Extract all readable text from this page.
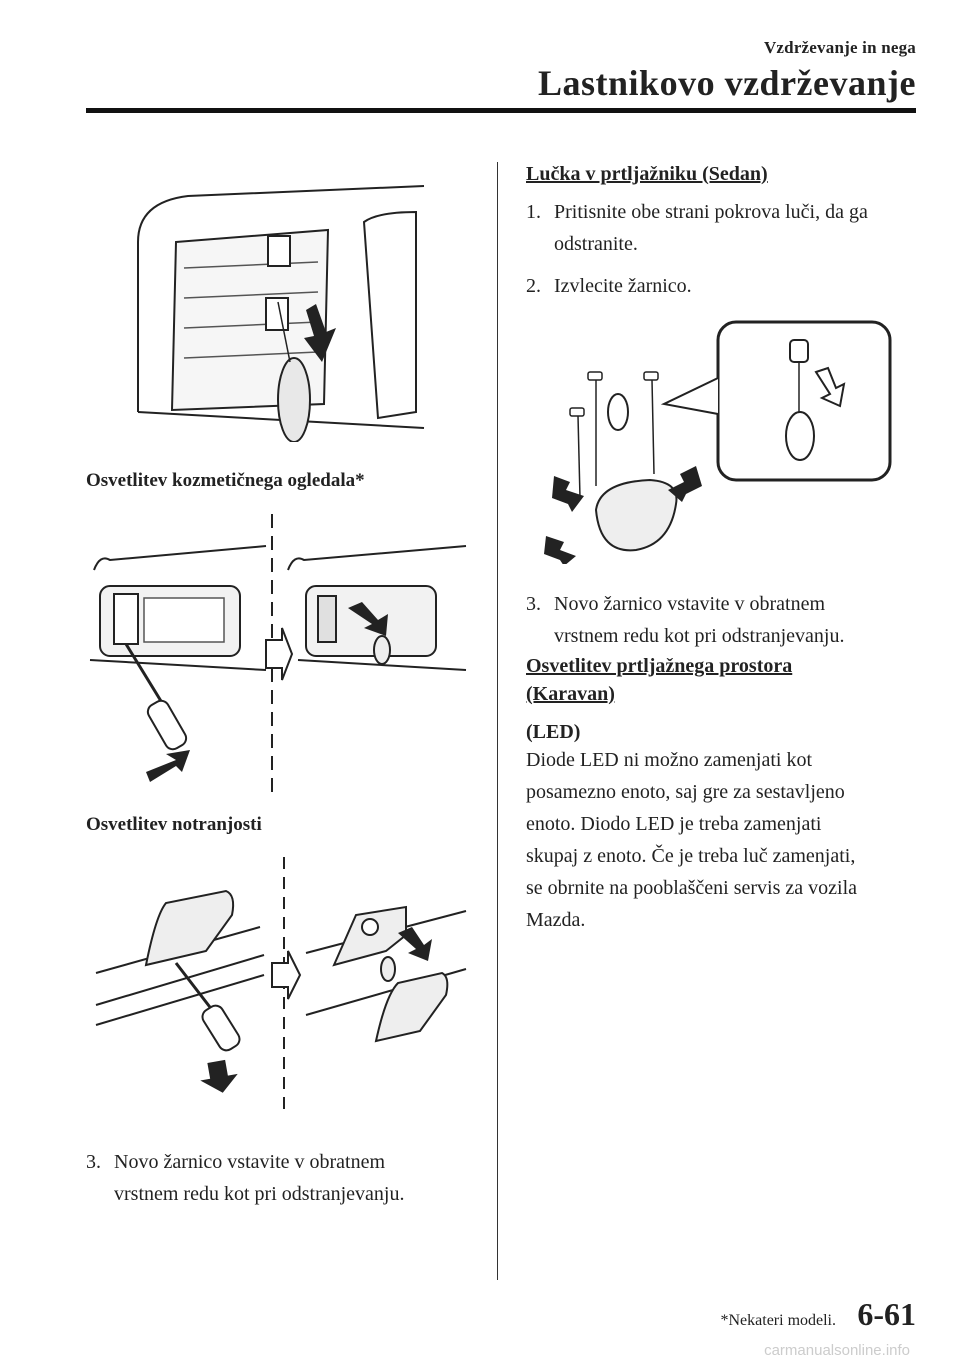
Vzdrževanje in nega
Lastnikovo vzdrževanje
Osvetlitev kozmetičnega ogledala*
Osvetlitev notranjosti
3. Novo žarnico vstavite v obratnem
vrstnem redu kot pri odstranjevanju.
Lučka v prtljažniku (Sedan)
1. Pritisnite obe strani pokrova luči, da ga
odstranite.
2. Izvlecite žarnico.
3. Novo žarnico vstavite v obratnem
vrstnem redu kot pri odstranjevanju.
Osvetlitev prtljažnega prostora
(Karavan)
(LED)
Diode LED ni možno zamenjati kot
posamezno enoto, saj gre za sestavljeno
enoto. Diodo LED je treba zamenjati
skupaj z enoto. Če je treba luč zamenjati,
se obrnite na pooblaščeni servis za vozila
Mazda.
*Nekateri modeli. 6-61
carmanualsonline.info
